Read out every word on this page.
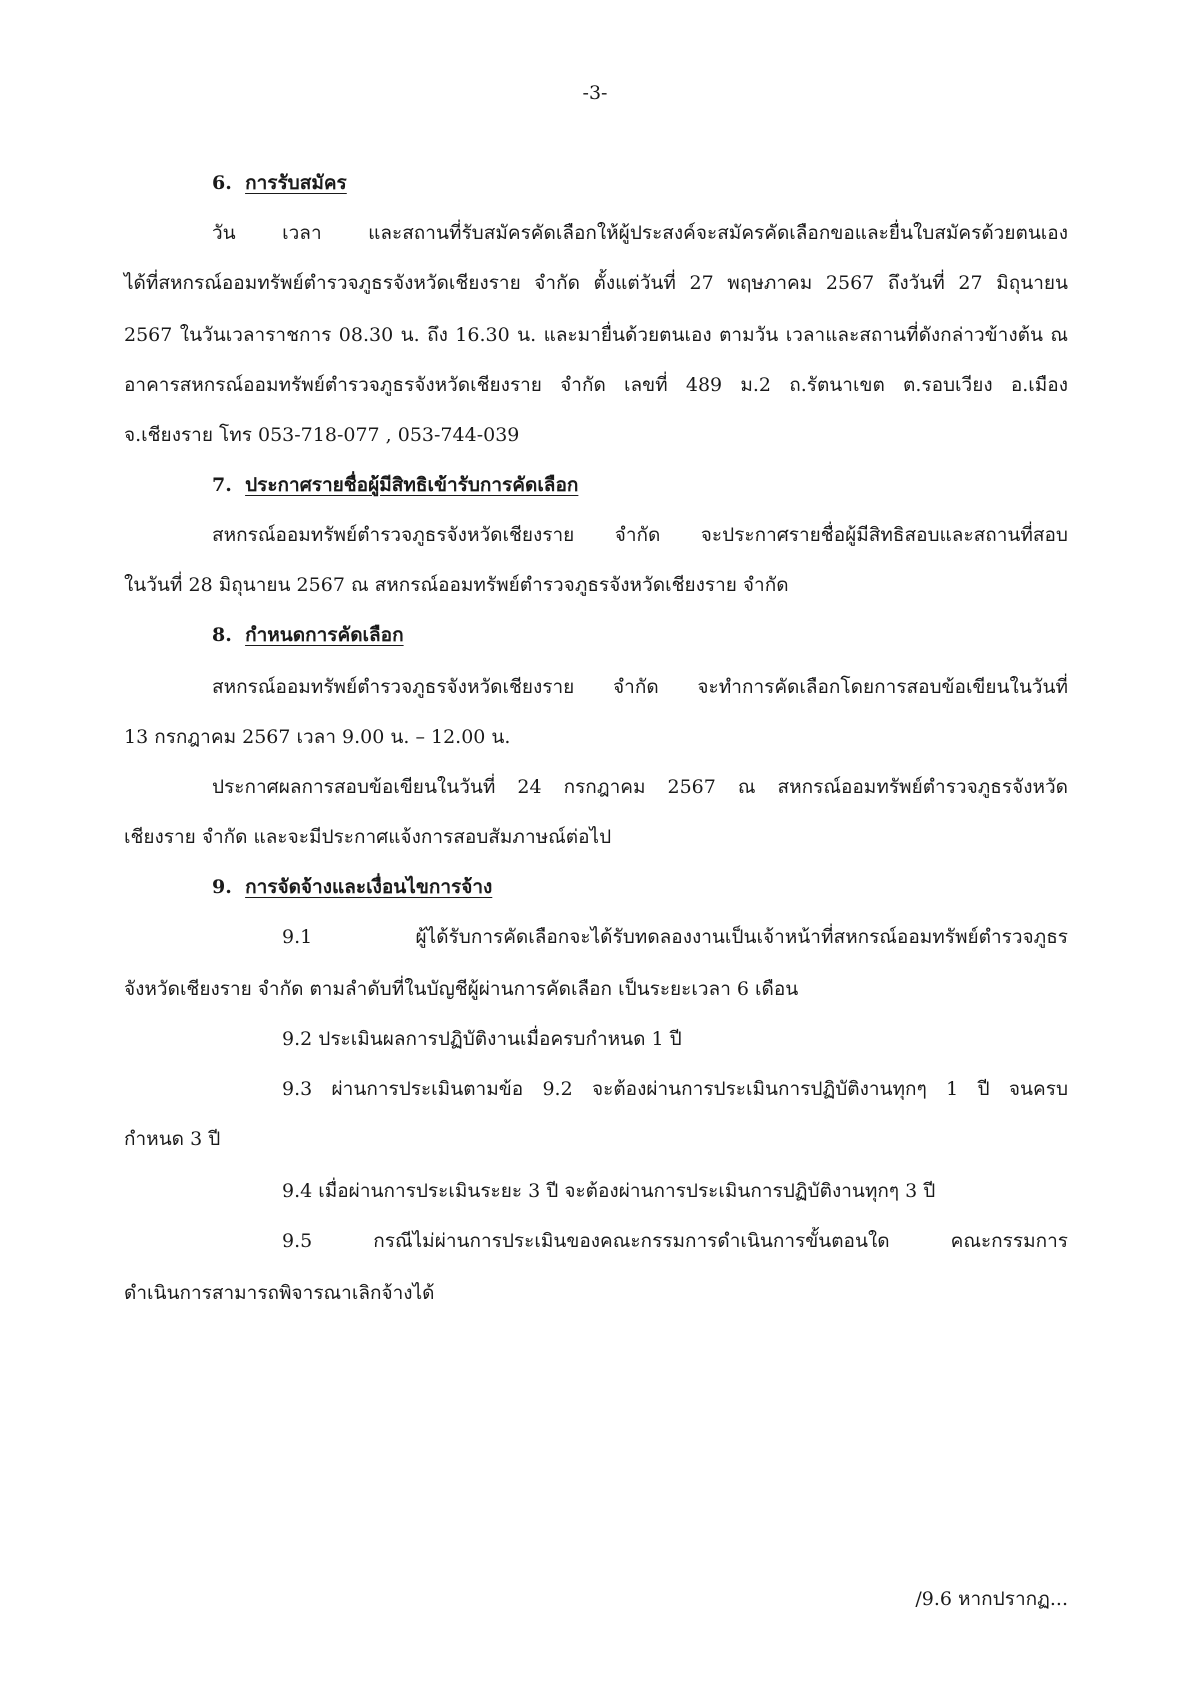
-3-
6. การรับสมัคร
วัน เวลา และสถานที่รับสมัครคัดเลือกให้ผู้ประสงค์จะสมัครคัดเลือกขอและยื่นใบสมัครด้วยตนเอง
ได้ที่สหกรณ์ออมทรัพย์ตำรวจภูธรจังหวัดเชียงราย จำกัด ตั้งแต่วันที่ 27 พฤษภาคม 2567 ถึงวันที่ 27 มิถุนายน
2567 ในวันเวลาราชการ 08.30 น. ถึง 16.30 น. และมายื่นด้วยตนเอง ตามวัน เวลาและสถานที่ดังกล่าวข้างต้น ณ
อาคารสหกรณ์ออมทรัพย์ตำรวจภูธรจังหวัดเชียงราย จำกัด เลขที่ 489 ม.2 ถ.รัตนาเขต ต.รอบเวียง อ.เมือง
จ.เชียงราย โทร 053-718-077 , 053-744-039
7. ประกาศรายชื่อผู้มีสิทธิเข้ารับการคัดเลือก
สหกรณ์ออมทรัพย์ตำรวจภูธรจังหวัดเชียงราย จำกัด จะประกาศรายชื่อผู้มีสิทธิสอบและสถานที่สอบ
ในวันที่ 28 มิถุนายน 2567 ณ สหกรณ์ออมทรัพย์ตำรวจภูธรจังหวัดเชียงราย จำกัด
8. กำหนดการคัดเลือก
สหกรณ์ออมทรัพย์ตำรวจภูธรจังหวัดเชียงราย จำกัด จะทำการคัดเลือกโดยการสอบข้อเขียนในวันที่
13 กรกฎาคม 2567 เวลา 9.00 น. – 12.00 น.
ประกาศผลการสอบข้อเขียนในวันที่ 24 กรกฎาคม 2567 ณ สหกรณ์ออมทรัพย์ตำรวจภูธรจังหวัด
เชียงราย จำกัด และจะมีประกาศแจ้งการสอบสัมภาษณ์ต่อไป
9. การจัดจ้างและเงื่อนไขการจ้าง
9.1 ผู้ได้รับการคัดเลือกจะได้รับทดลองงานเป็นเจ้าหน้าที่สหกรณ์ออมทรัพย์ตำรวจภูธร
จังหวัดเชียงราย จำกัด ตามลำดับที่ในบัญชีผู้ผ่านการคัดเลือก เป็นระยะเวลา 6 เดือน
9.2 ประเมินผลการปฏิบัติงานเมื่อครบกำหนด 1 ปี
9.3 ผ่านการประเมินตามข้อ 9.2 จะต้องผ่านการประเมินการปฏิบัติงานทุกๆ 1 ปี จนครบ
กำหนด 3 ปี
9.4 เมื่อผ่านการประเมินระยะ 3 ปี จะต้องผ่านการประเมินการปฏิบัติงานทุกๆ 3 ปี
9.5 กรณีไม่ผ่านการประเมินของคณะกรรมการดำเนินการขั้นตอนใด คณะกรรมการ
ดำเนินการสามารถพิจารณาเลิกจ้างได้
/9.6 หากปรากฏ...
